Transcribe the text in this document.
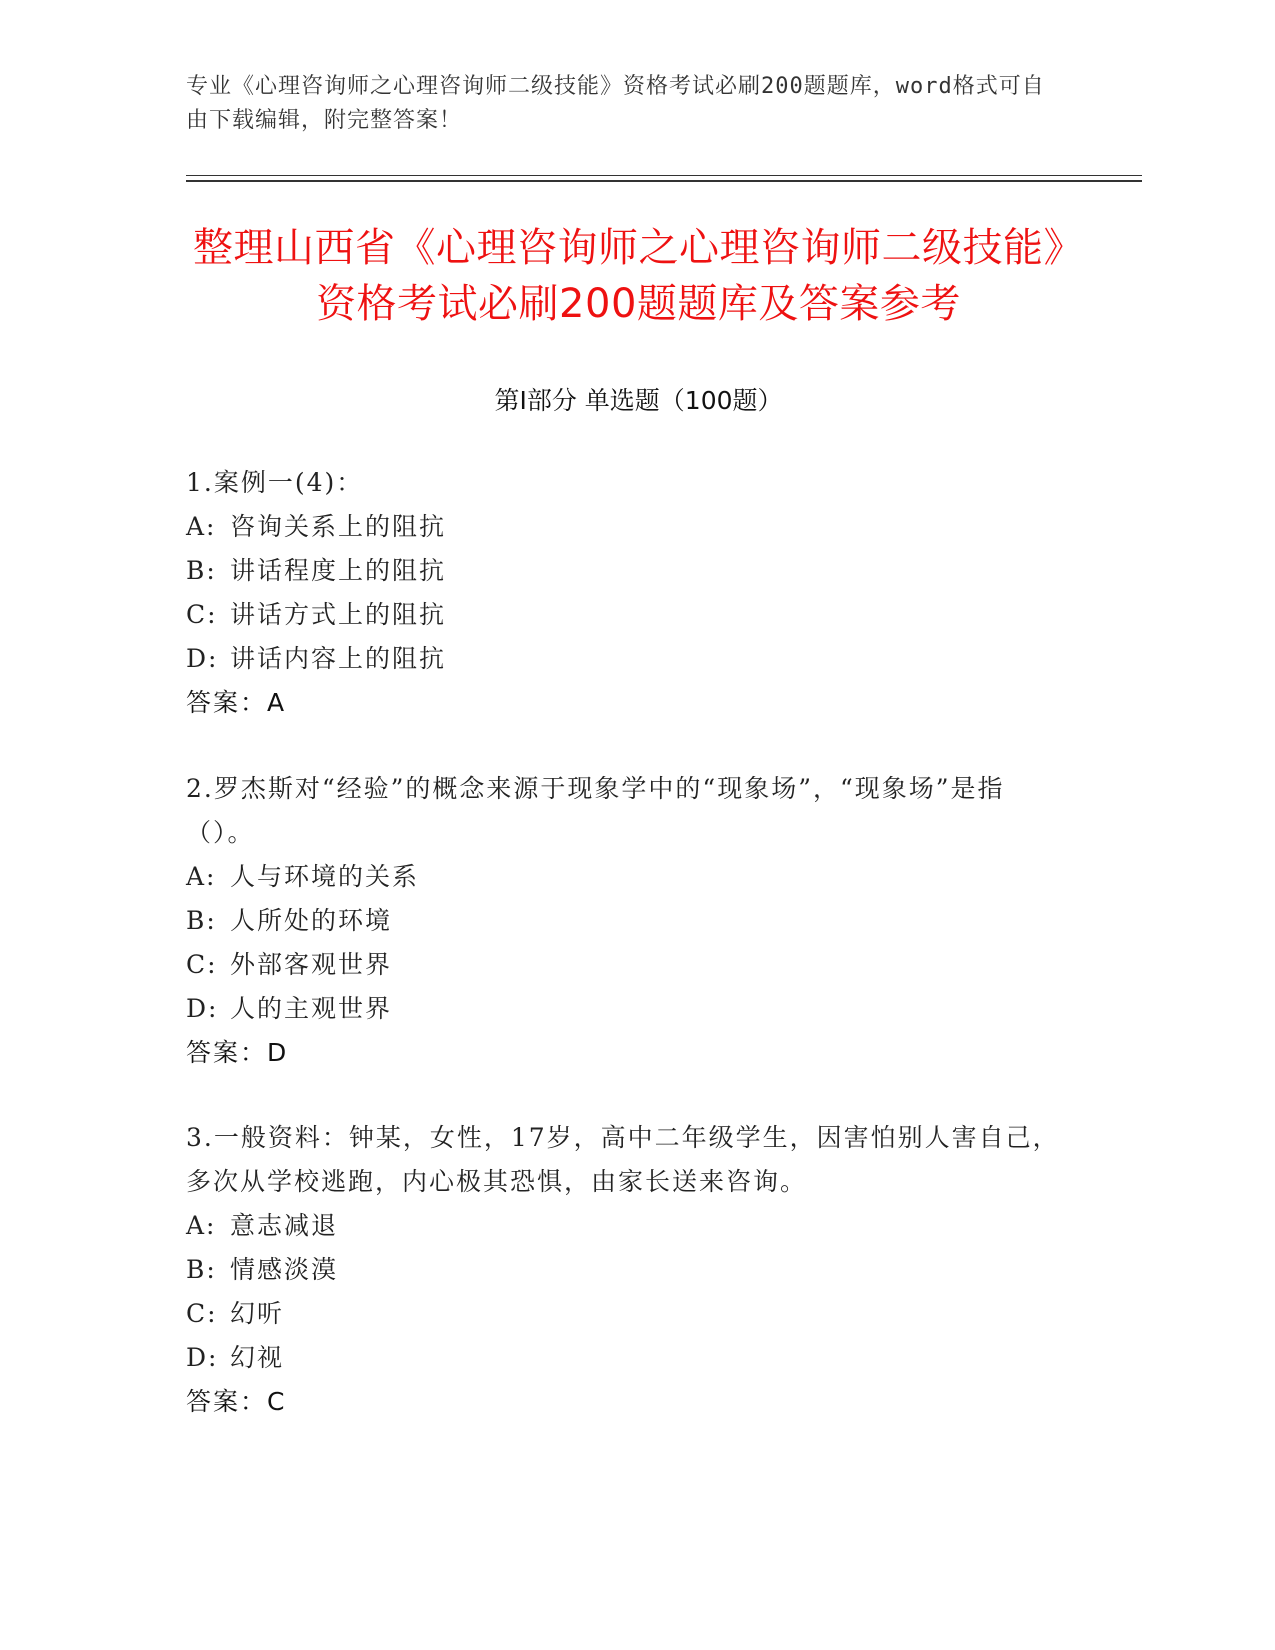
专业《心理咨询师之心理咨询师二级技能》资格考试必刷200题题库，word格式可自由下载编辑，附完整答案！
整理山西省《心理咨询师之心理咨询师二级技能》资格考试必刷200题题库及答案参考
第Ⅰ部分 单选题（100题）

1.案例一(4)：

A: 咨询关系上的阻抗

B: 讲话程度上的阻抗

C: 讲话方式上的阻抗

D: 讲话内容上的阻抗

答案：A

2.罗杰斯对“经验”的概念来源于现象学中的“现象场”，“现象场”是指（）。

A: 人与环境的关系

B: 人所处的环境

C: 外部客观世界

D: 人的主观世界

答案：D

3.一般资料：钟某，女性，17岁，高中二年级学生，因害怕别人害自己，多次从学校逃跑，内心极其恐惧，由家长送来咨询。

A: 意志减退

B: 情感淡漠

C: 幻听

D: 幻视

答案：C
